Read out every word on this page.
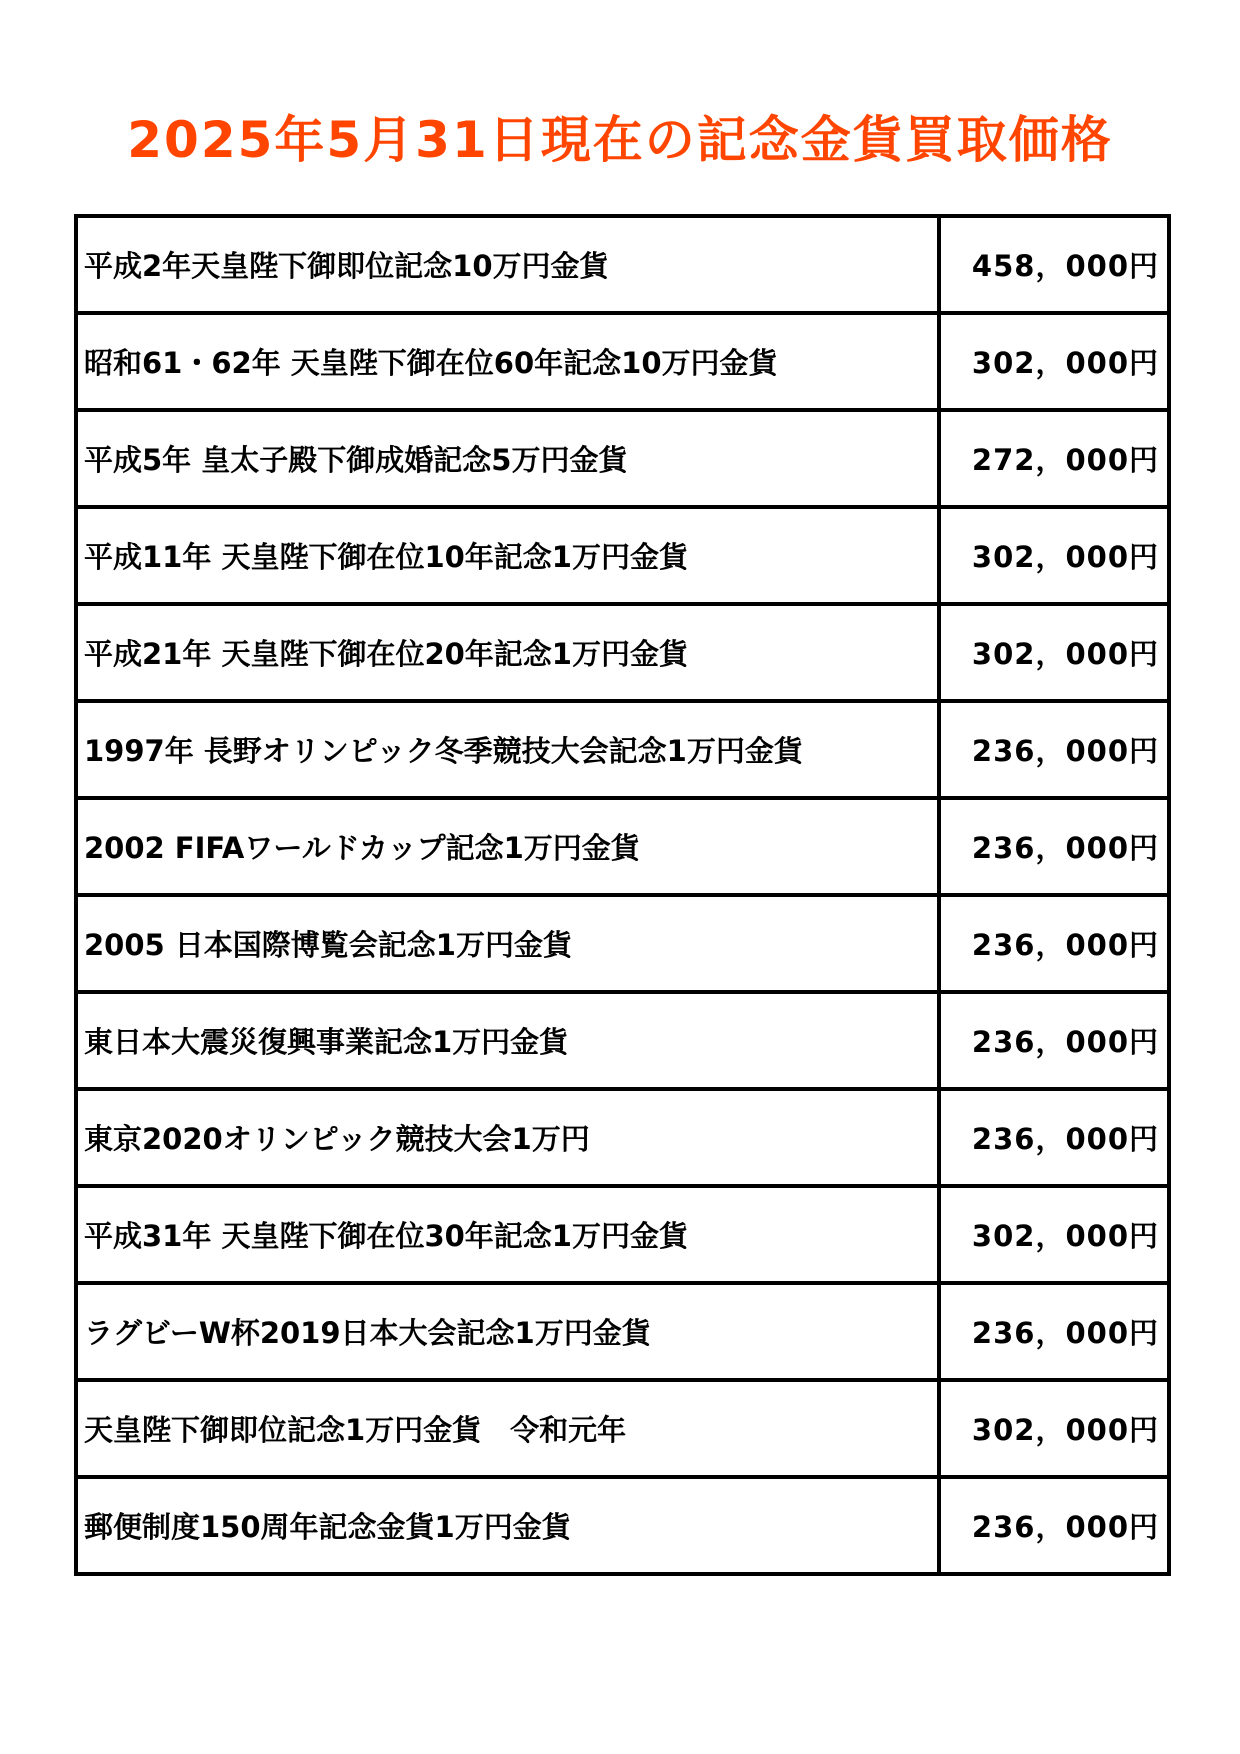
2025年5月31日現在の記念金貨買取価格
平成2年天皇陛下御即位記念10万円金貨	458，000円
昭和61・62年 天皇陛下御在位60年記念10万円金貨	302，000円
平成5年 皇太子殿下御成婚記念5万円金貨	272，000円
平成11年 天皇陛下御在位10年記念1万円金貨	302，000円
平成21年 天皇陛下御在位20年記念1万円金貨	302，000円
1997年 長野オリンピック冬季競技大会記念1万円金貨	236，000円
2002 FIFAワールドカップ記念1万円金貨	236，000円
2005 日本国際博覧会記念1万円金貨	236，000円
東日本大震災復興事業記念1万円金貨	236，000円
東京2020オリンピック競技大会1万円	236，000円
平成31年 天皇陛下御在位30年記念1万円金貨	302，000円
ラグビーW杯2019日本大会記念1万円金貨	236，000円
天皇陛下御即位記念1万円金貨　令和元年	302，000円
郵便制度150周年記念金貨1万円金貨	236，000円
